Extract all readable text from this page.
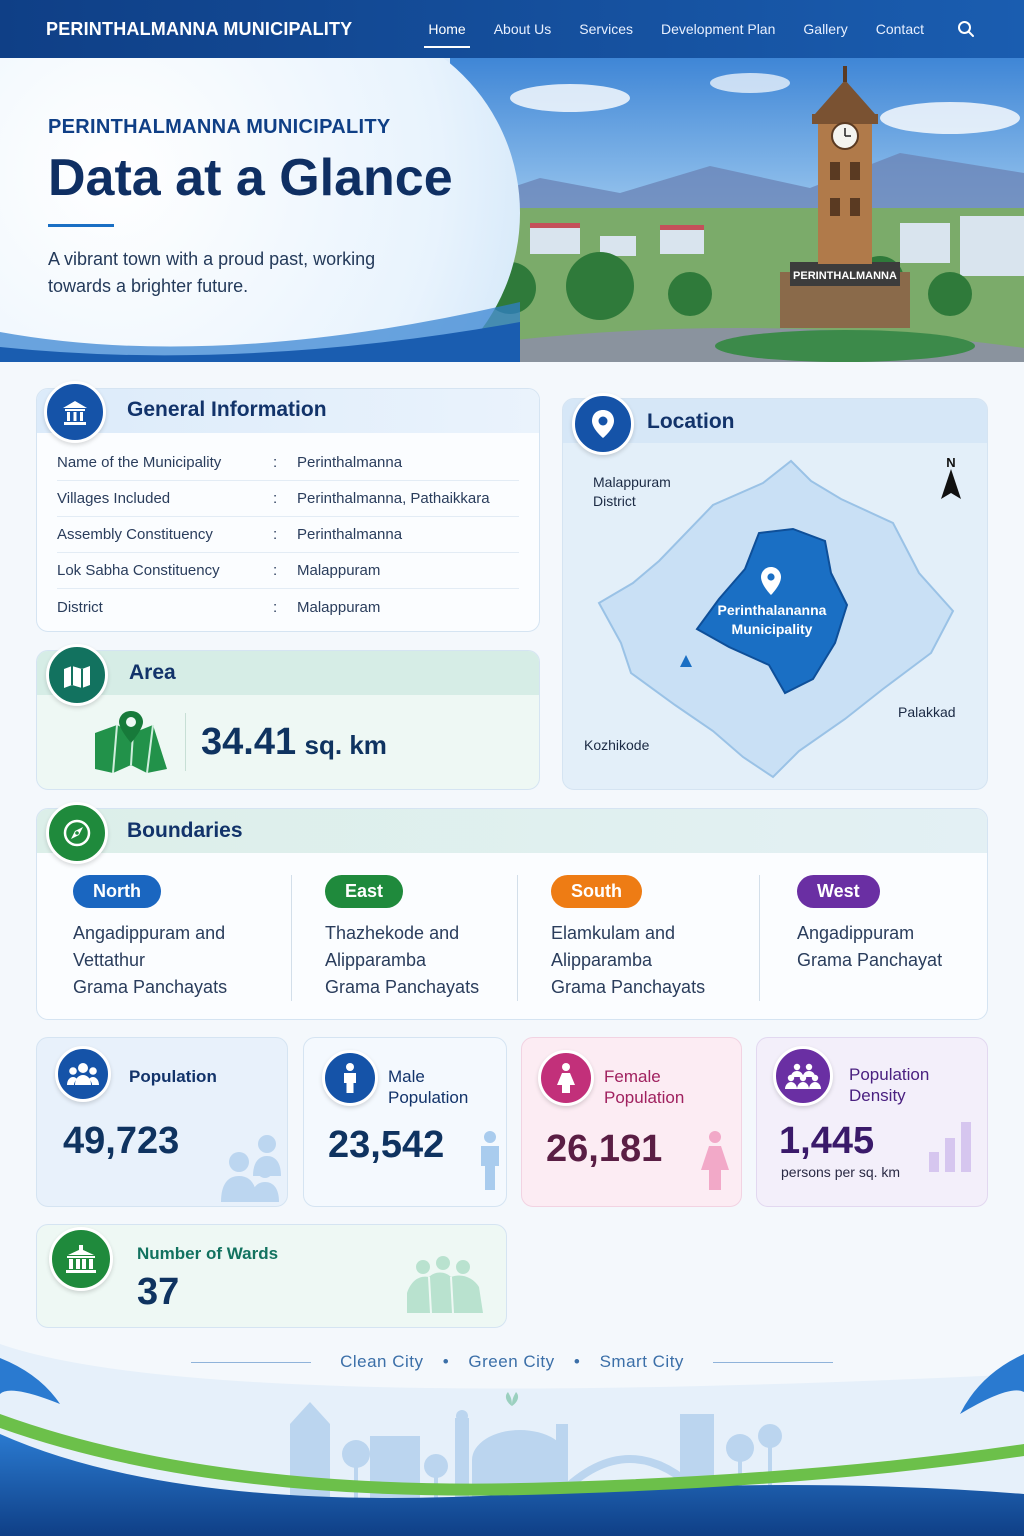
PERINTHALMANNA MUNICIPALITY	Home	About Us	Services	Development Plan	Gallery	Contact
PERINTHALMANNA
PERINTHALMANNA MUNICIPALITY
Data at a Glance
A vibrant town with a proud past, working towards a brighter future.
Name of the Municipality	:	Perinthalmanna
Villages Included	:	Perinthalmanna, Pathaikkara
Assembly Constituency	:	Perinthalmanna
Lok Sabha Constituency	:	Malappuram
District	:	Malappuram
General Information
34.41 sq. km
Area
N
Malappuram
District
Perinthalananna
Municipality
Palakkad
Kozhikode
Location
North
Angadippuram and
Vettathur
Grama Panchayats
East
Thazhekode and
Alipparamba
Grama Panchayats
South
Elamkulam and
Alipparamba
Grama Panchayats
West
Angadippuram
Grama Panchayat
Boundaries
Population
49,723
Male
Population
23,542
Female
Population
26,181
Population
Density
1,445
persons per sq. km
Number of Wards
37
Clean City • Green City • Smart City
